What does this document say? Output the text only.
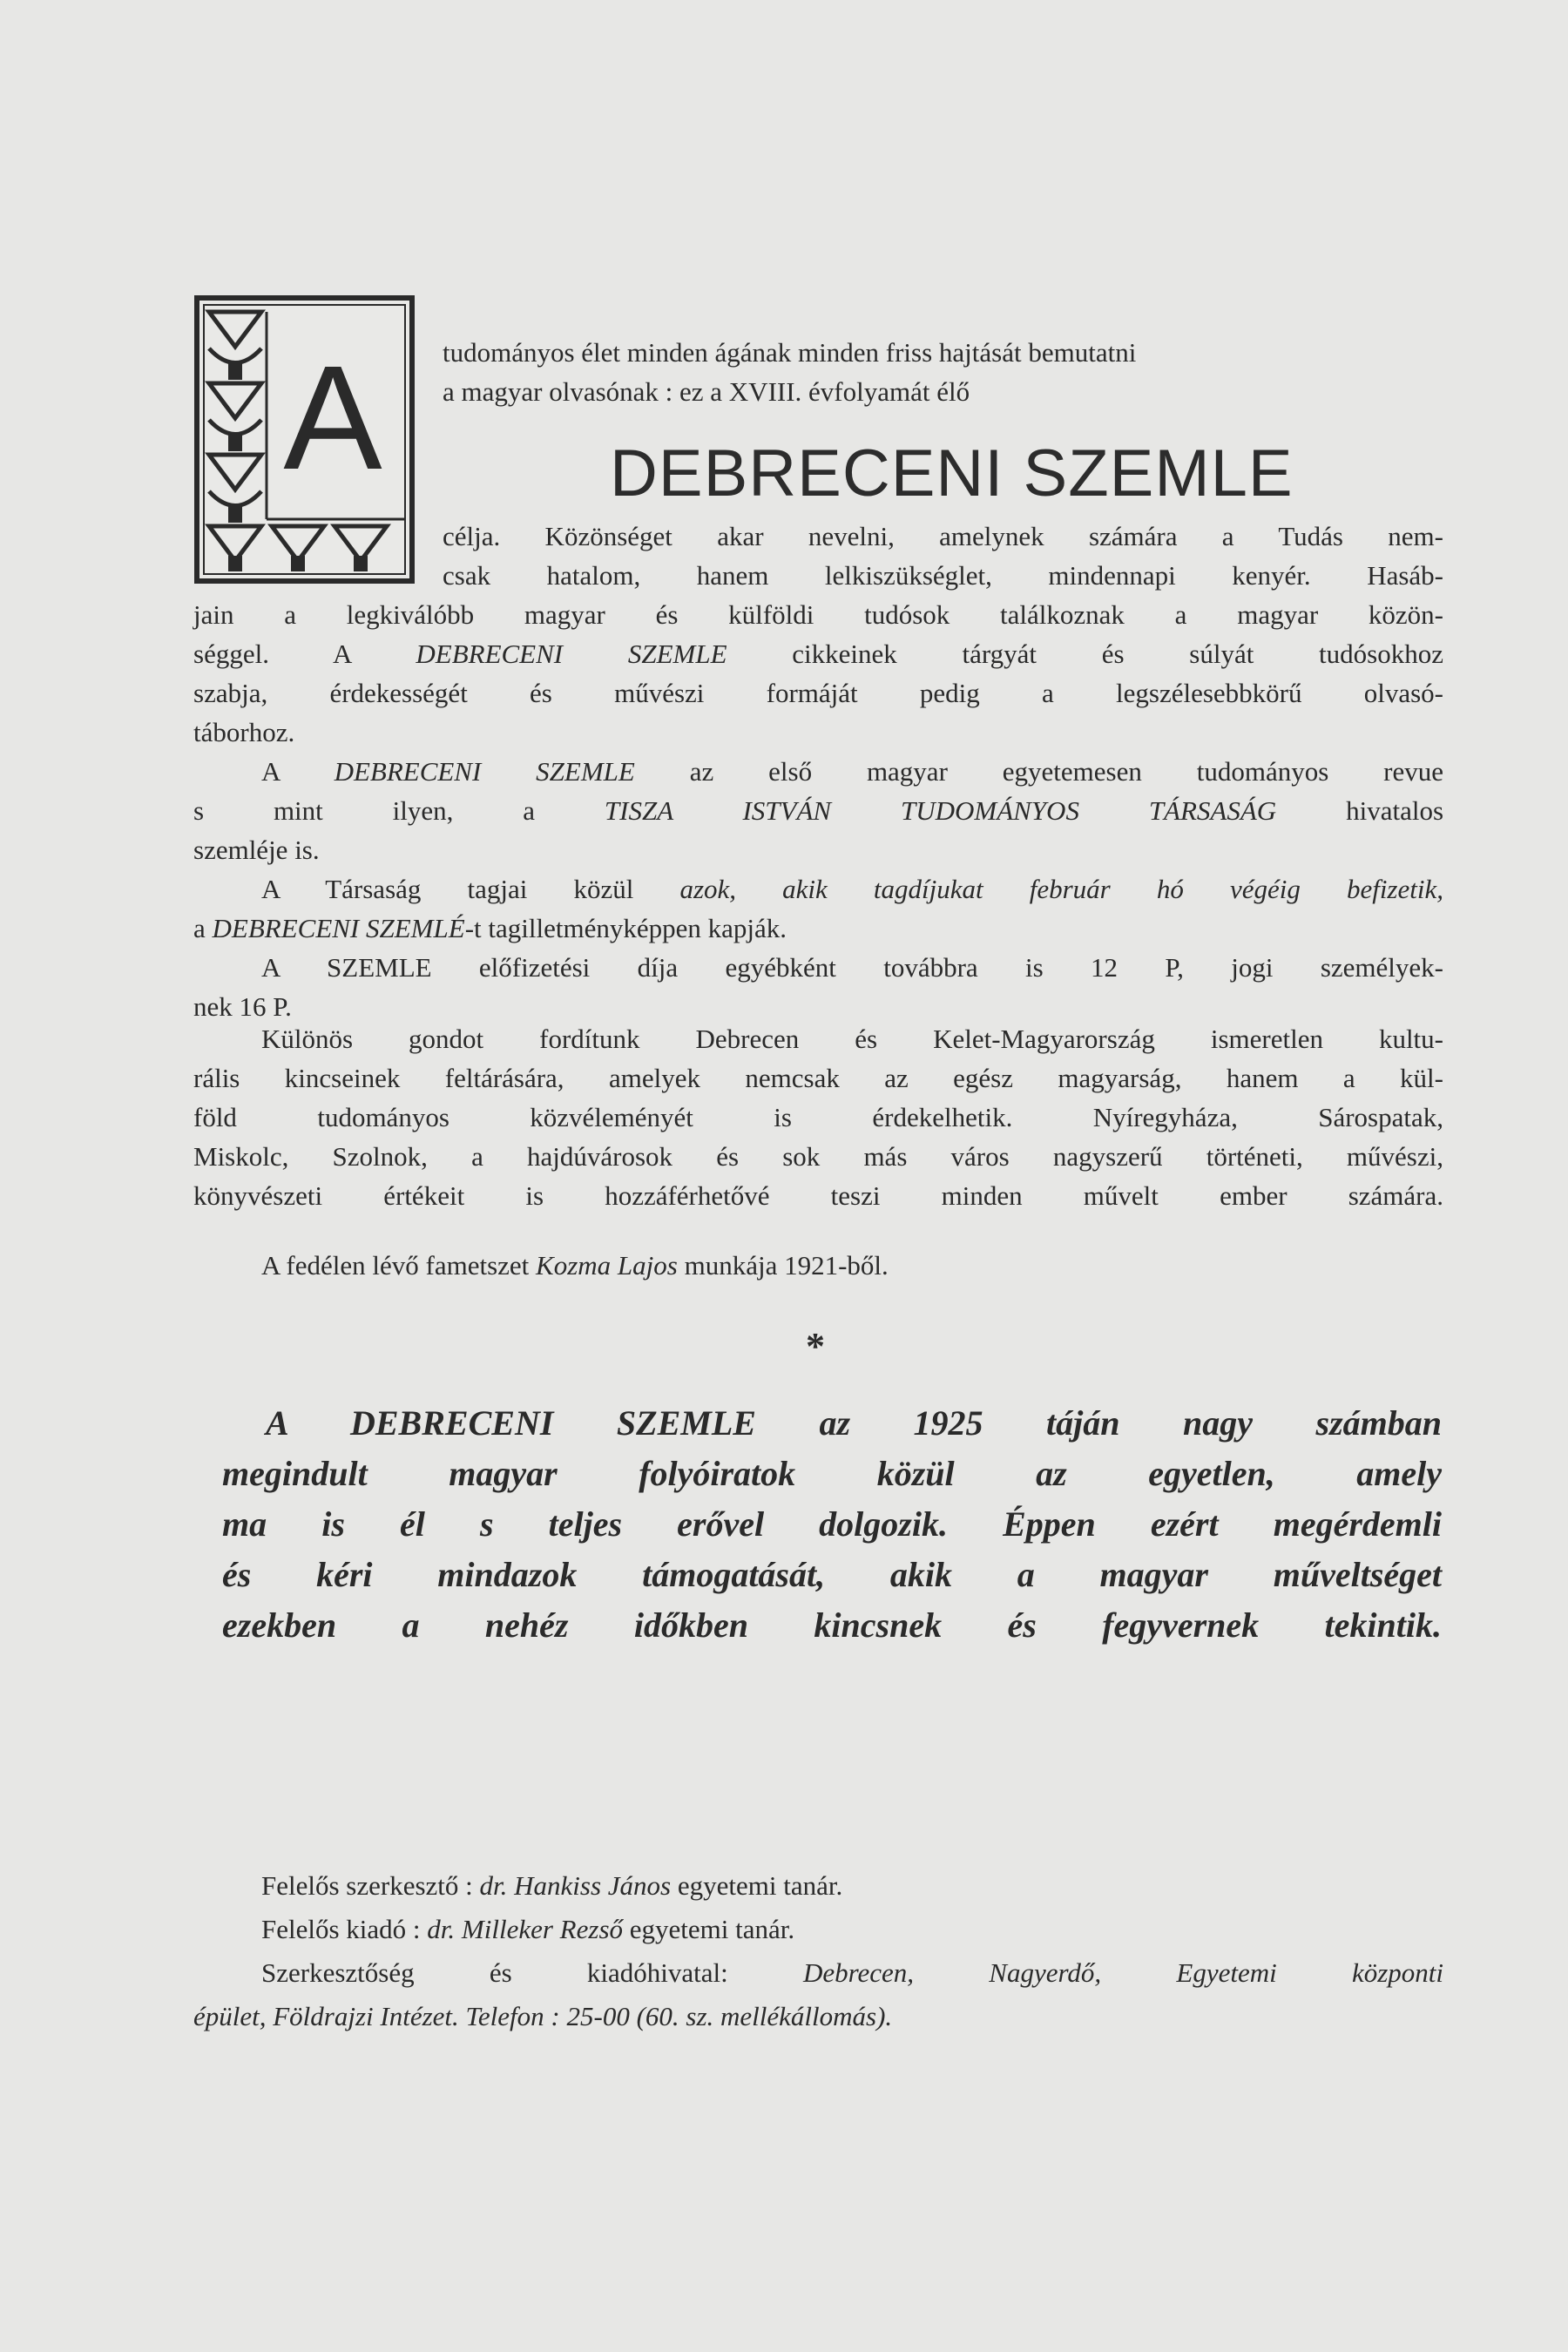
A tudományos élet minden ágának minden friss hajtását bemutatni
a magyar olvasónak : ez a XVIII. évfolyamát élő
DEBRECENI SZEMLE
célja. Közönséget akar nevelni, amelynek számára a Tudás nem-
csak hatalom, hanem lelkiszükséglet, mindennapi kenyér. Hasáb-
jain a legkiválóbb magyar és külföldi tudósok találkoznak a magyar közön-
séggel. A DEBRECENI SZEMLE cikkeinek tárgyát és súlyát tudósokhoz
szabja, érdekességét és művészi formáját pedig a legszélesebbkörű olvasó-
táborhoz.
A DEBRECENI SZEMLE az első magyar egyetemesen tudományos revue
s mint ilyen, a TISZA ISTVÁN TUDOMÁNYOS TÁRSASÁG hivatalos
szemléje is.
A Társaság tagjai közül azok, akik tagdíjukat február hó végéig befizetik,
a DEBRECENI SZEMLÉ-t tagilletményképpen kapják.
A SZEMLE előfizetési díja egyébként továbbra is 12 P, jogi személyek-
nek 16 P.
Különös gondot fordítunk Debrecen és Kelet-Magyarország ismeretlen kultu-
rális kincseinek feltárására, amelyek nemcsak az egész magyarság, hanem a kül-
föld tudományos közvéleményét is érdekelhetik. Nyíregyháza, Sárospatak,
Miskolc, Szolnok, a hajdúvárosok és sok más város nagyszerű történeti, művészi,
könyvészeti értékeit is hozzáférhetővé teszi minden művelt ember számára.
A fedélen lévő fametszet Kozma Lajos munkája 1921-ből.
*
A DEBRECENI SZEMLE az 1925 táján nagy számban
megindult magyar folyóiratok közül az egyetlen, amely
ma is él s teljes erővel dolgozik. Éppen ezért megérdemli
és kéri mindazok támogatását, akik a magyar műveltséget
ezekben a nehéz időkben kincsnek és fegyvernek tekintik.
Felelős szerkesztő : dr. Hankiss János egyetemi tanár.
Felelős kiadó : dr. Milleker Rezső egyetemi tanár.
Szerkesztőség és kiadóhivatal: Debrecen, Nagyerdő, Egyetemi központi
épület, Földrajzi Intézet. Telefon : 25-00 (60. sz. mellékállomás).
